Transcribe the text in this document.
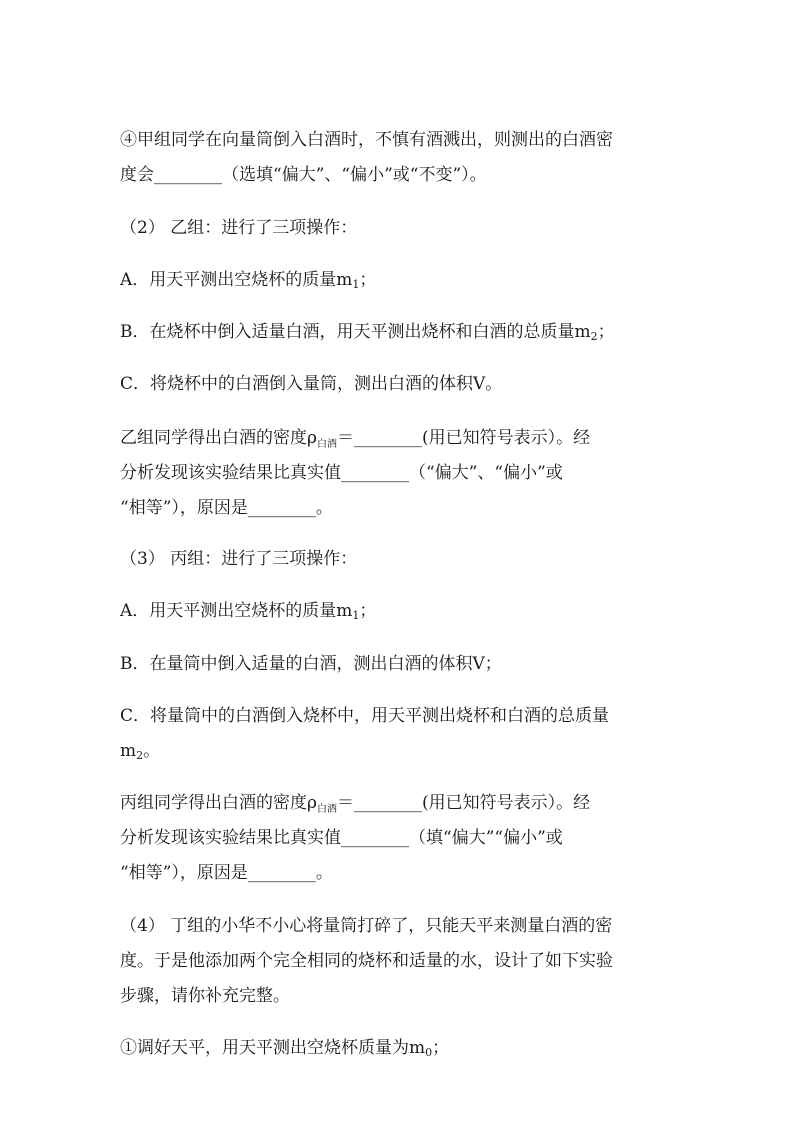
④甲组同学在向量筒倒入白酒时，不慎有酒溅出，则测出的白酒密
度会________（选填“偏大”、“偏小”或“不变”）。
（2） 乙组：进行了三项操作：
A．用天平测出空烧杯的质量$m_1$；
B．在烧杯中倒入适量白酒，用天平测出烧杯和白酒的总质量$m_2$；
C．将烧杯中的白酒倒入量筒，测出白酒的体积V。
乙组同学得出白酒的密度$\rho_{白酒}=\_\_\_\_\_\_\_\_$(用已知符号表示）。经
分析发现该实验结果比真实值________（“偏大”、“偏小”或
“相等”），原因是________。
（3） 丙组：进行了三项操作：
A．用天平测出空烧杯的质量$m_1$；
B．在量筒中倒入适量的白酒，测出白酒的体积V；
C．将量筒中的白酒倒入烧杯中，用天平测出烧杯和白酒的总质量
$m_2$。
丙组同学得出白酒的密度$\rho_{白酒}=\_\_\_\_\_\_\_\_$(用已知符号表示）。经
分析发现该实验结果比真实值________（填“偏大”“偏小”或
“相等”），原因是________。
（4） 丁组的小华不小心将量筒打碎了，只能天平来测量白酒的密
度。于是他添加两个完全相同的烧杯和适量的水，设计了如下实验
步骤，请你补充完整。
①调好天平，用天平测出空烧杯质量为$m_0$；
